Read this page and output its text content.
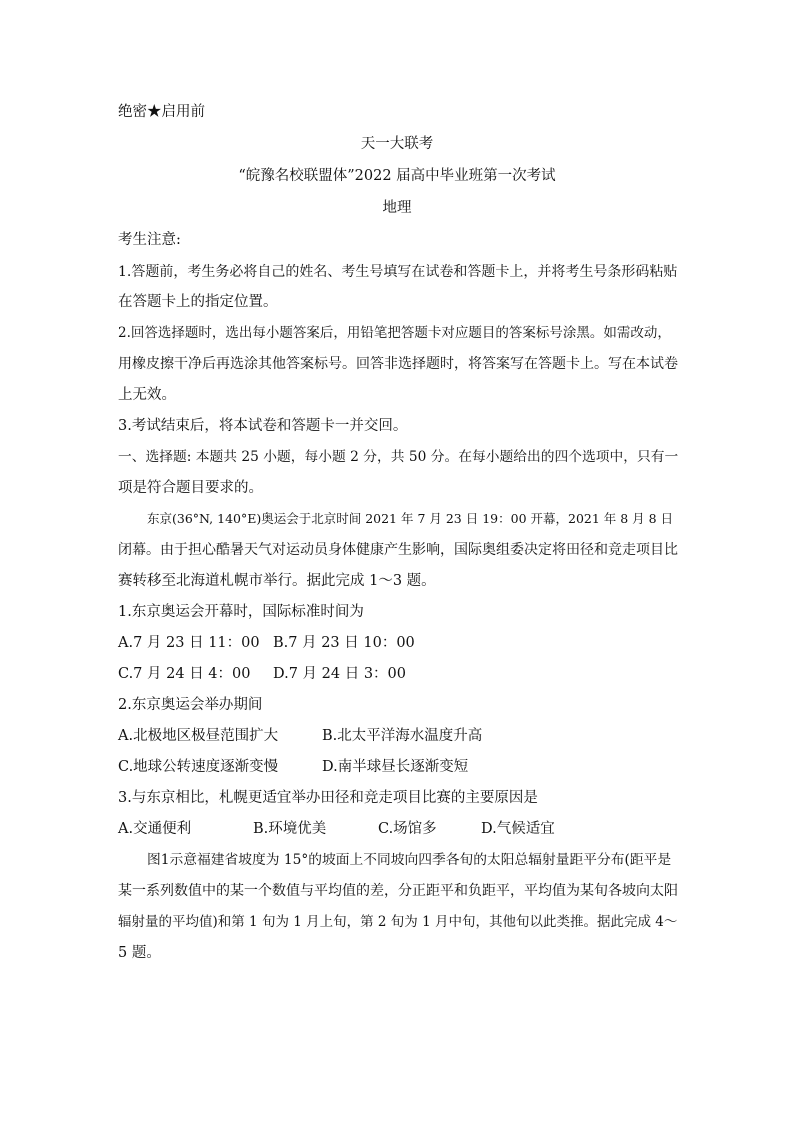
绝密★启用前
天一大联考
“皖豫名校联盟体”2022 届高中毕业班第一次考试
地理
考生注意:
1.答题前，考生务必将自己的姓名、考生号填写在试卷和答题卡上，并将考生号条形码粘贴
在答题卡上的指定位置。
2.回答选择题时，选出每小题答案后，用铅笔把答题卡对应题目的答案标号涂黑。如需改动，
用橡皮擦干净后再选涂其他答案标号。回答非选择题时，将答案写在答题卡上。写在本试卷
上无效。
3.考试结束后，将本试卷和答题卡一并交回。
一、选择题: 本题共 25 小题，每小题 2 分，共 50 分。在每小题给出的四个选项中，只有一
项是符合题目要求的。
东京(36°N, 140°E)奥运会于北京时间 2021 年 7 月 23 日 19：00 开幕，2021 年 8 月 8 日
闭幕。由于担心酷暑天气对运动员身体健康产生影响，国际奥组委决定将田径和竞走项目比
赛转移至北海道札幌市举行。据此完成 1～3 题。
1.东京奥运会开幕时，国际标准时间为
A.7 月 23 日 11：00 B.7 月 23 日 10：00
C.7 月 24 日 4：00 D.7 月 24 日 3：00
2.东京奥运会举办期间
A.北极地区极昼范围扩大	B.北太平洋海水温度升高
C.地球公转速度逐渐变慢	D.南半球昼长逐渐变短
3.与东京相比，札幌更适宜举办田径和竞走项目比赛的主要原因是
A.交通便利	B.环境优美	C.场馆多	D.气候适宜
图1示意福建省坡度为 15°的坡面上不同坡向四季各旬的太阳总辐射量距平分布(距平是
某一系列数值中的某一个数值与平均值的差，分正距平和负距平，平均值为某旬各坡向太阳
辐射量的平均值)和第 1 旬为 1 月上旬，第 2 旬为 1 月中旬，其他旬以此类推。据此完成 4～
5 题。
